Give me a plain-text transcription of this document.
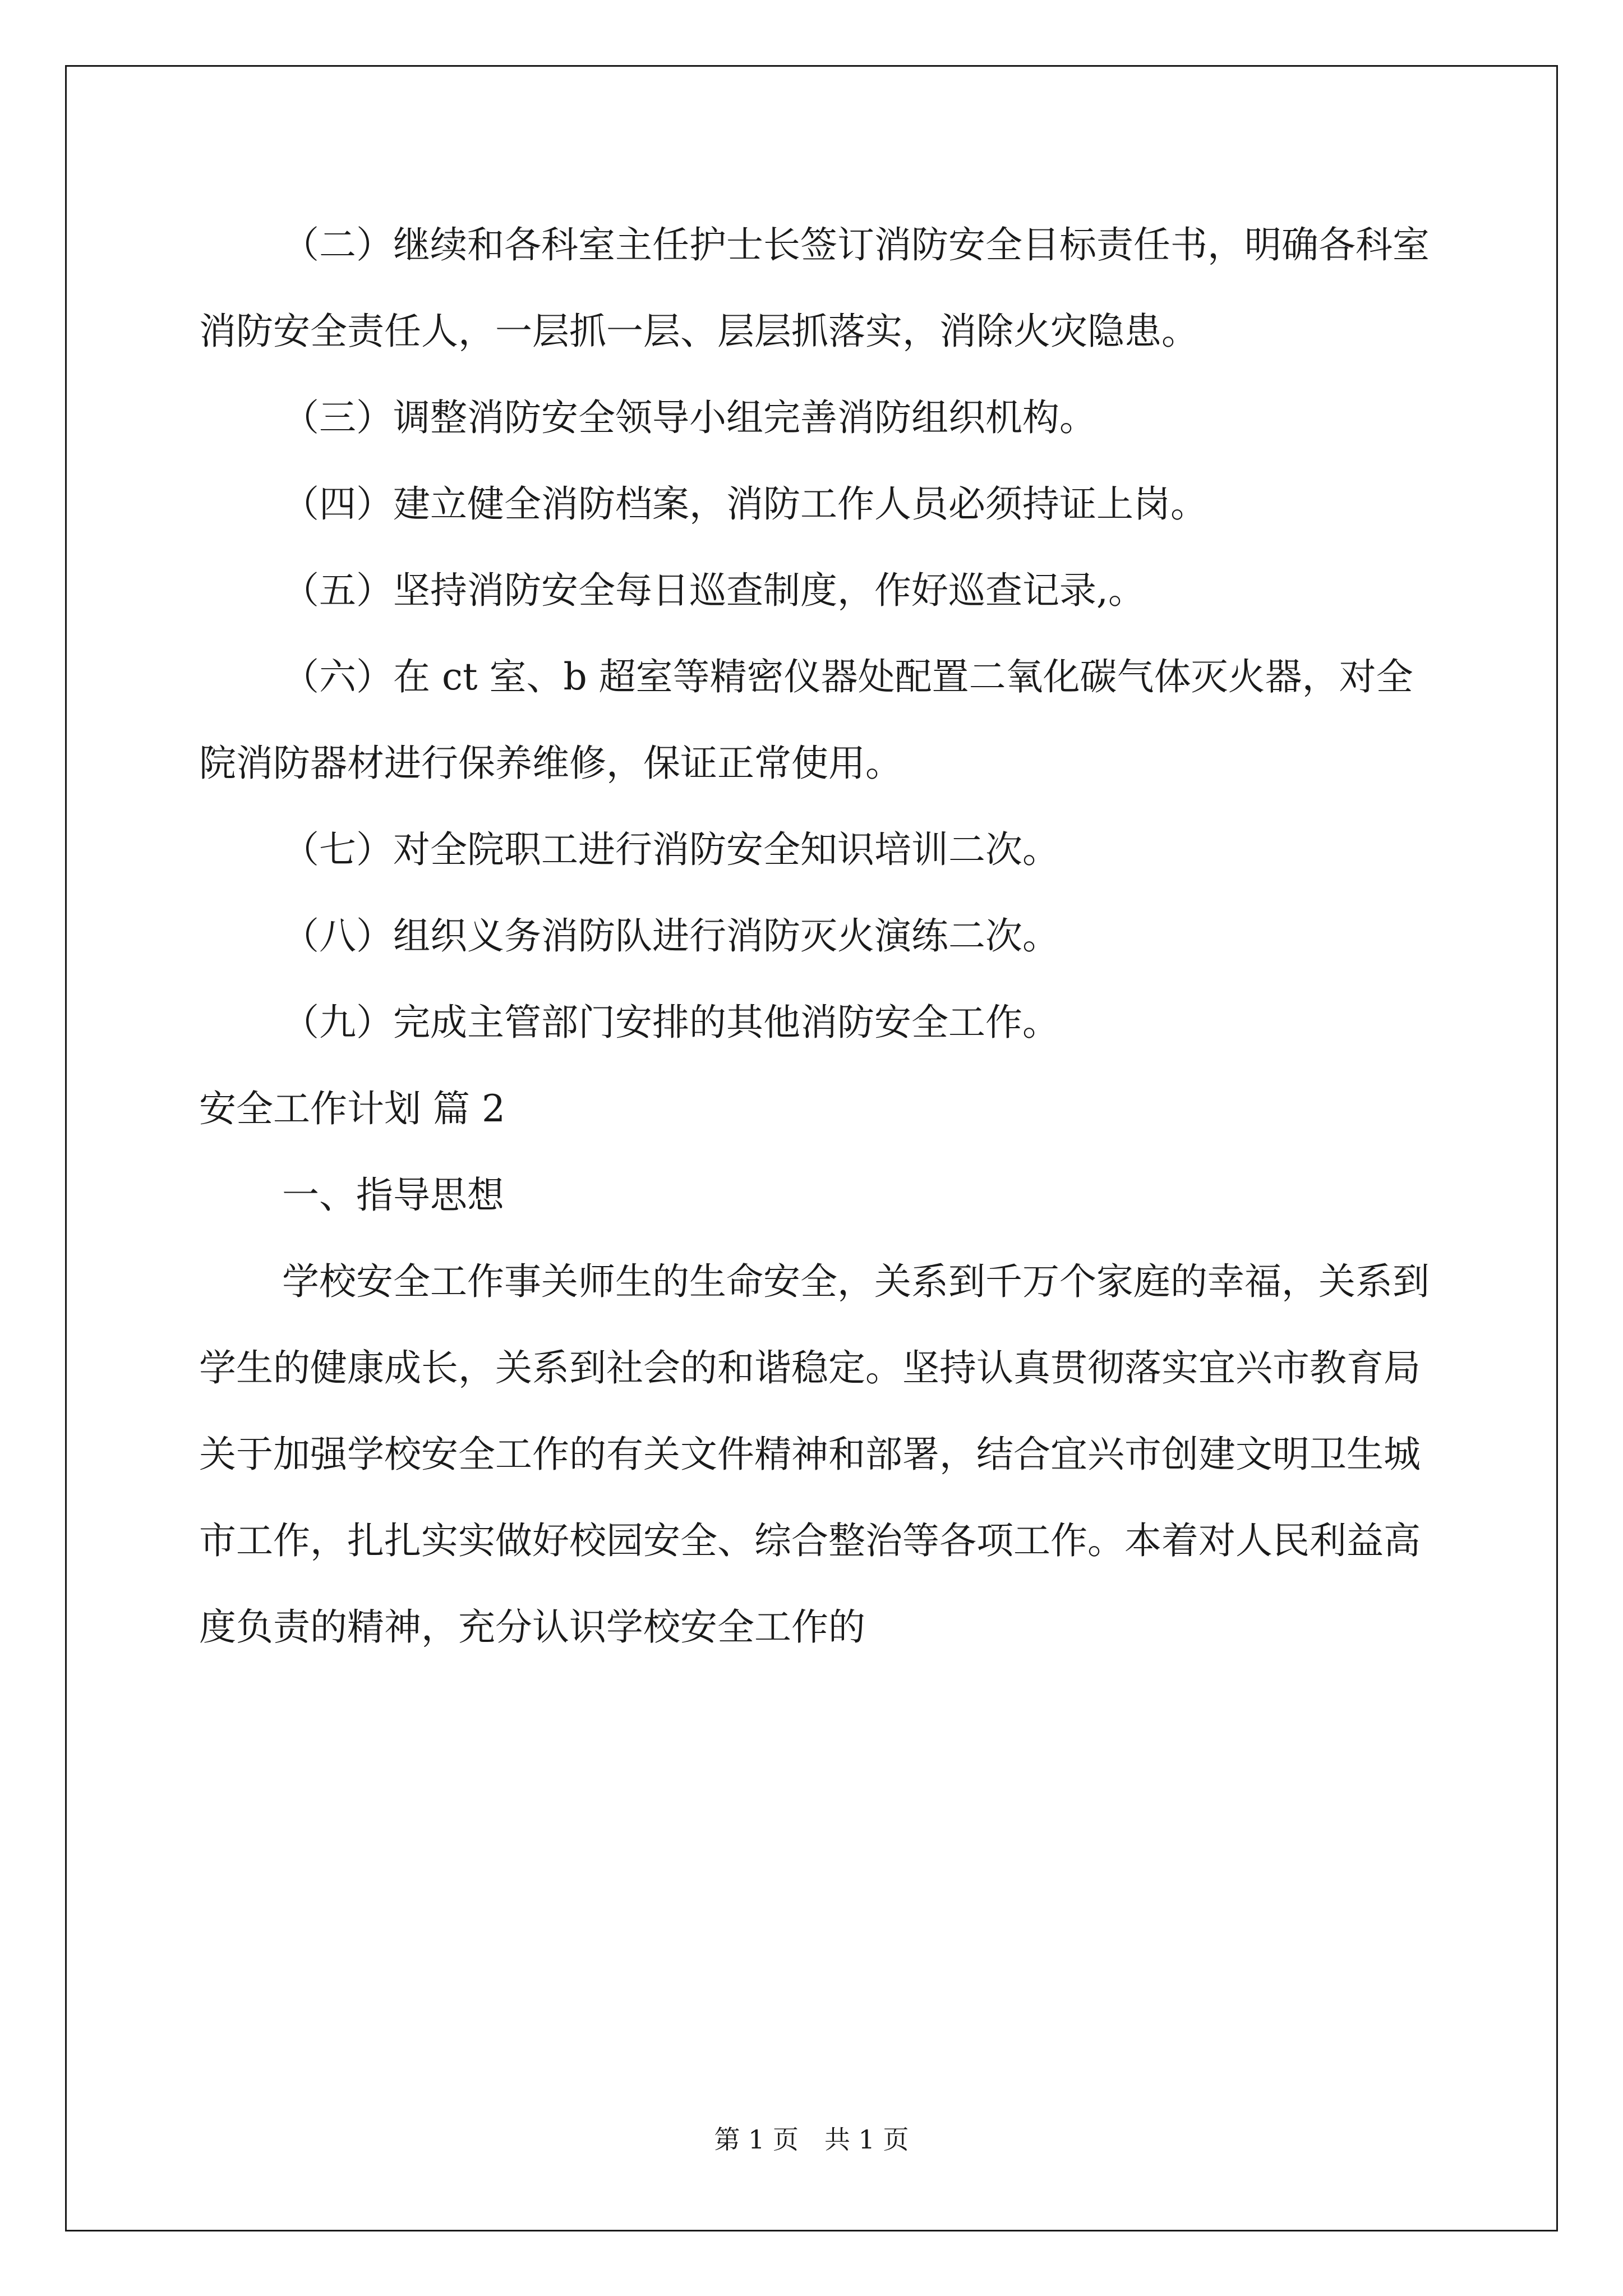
（二）继续和各科室主任护士长签订消防安全目标责任书，明确各科室消防安全责任人，一层抓一层、层层抓落实，消除火灾隐患。

（三）调整消防安全领导小组完善消防组织机构。

（四）建立健全消防档案，消防工作人员必须持证上岗。

（五）坚持消防安全每日巡查制度，作好巡查记录,。

（六）在 ct 室、b 超室等精密仪器处配置二氧化碳气体灭火器，对全院消防器材进行保养维修，保证正常使用。

（七）对全院职工进行消防安全知识培训二次。

（八）组织义务消防队进行消防灭火演练二次。

（九）完成主管部门安排的其他消防安全工作。

安全工作计划 篇 2

一、指导思想

学校安全工作事关师生的生命安全，关系到千万个家庭的幸福，关系到学生的健康成长，关系到社会的和谐稳定。坚持认真贯彻落实宜兴市教育局关于加强学校安全工作的有关文件精神和部署，结合宜兴市创建文明卫生城市工作，扎扎实实做好校园安全、综合整治等各项工作。本着对人民利益高度负责的精神，充分认识学校安全工作的

第 1 页　共 1 页
